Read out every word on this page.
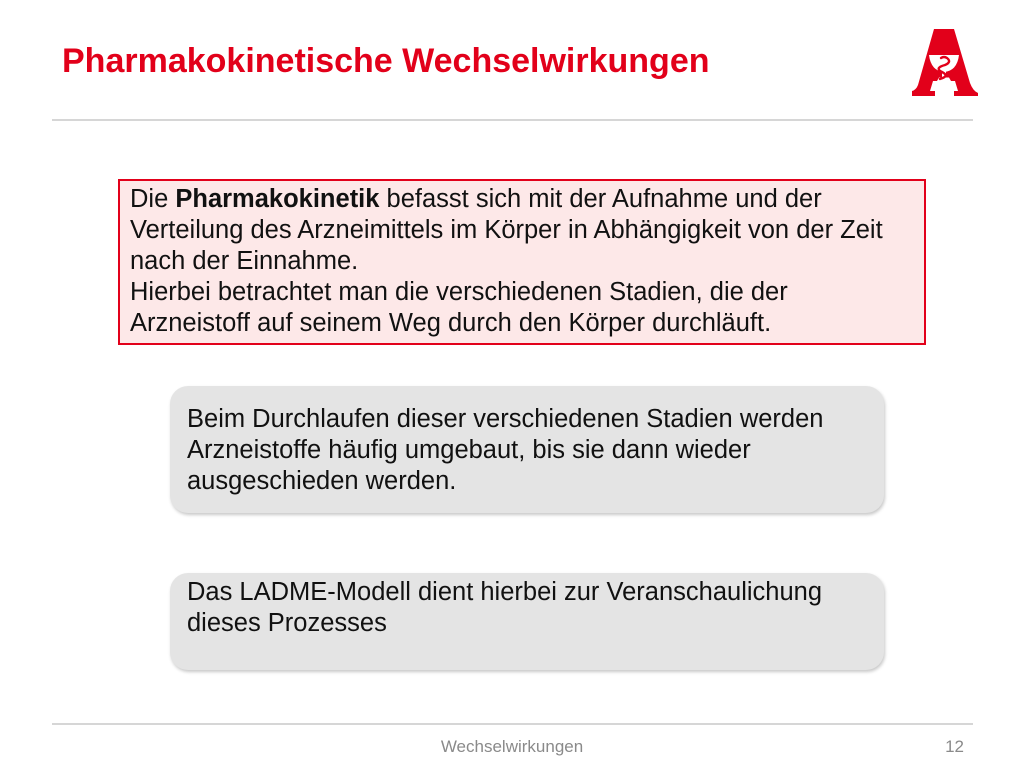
Pharmakokinetische Wechselwirkungen
Die Pharmakokinetik befasst sich mit der Aufnahme und der
Verteilung des Arzneimittels im Körper in Abhängigkeit von der Zeit
nach der Einnahme.
Hierbei betrachtet man die verschiedenen Stadien, die der
Arzneistoff auf seinem Weg durch den Körper durchläuft.
Beim Durchlaufen dieser verschiedenen Stadien werden
Arzneistoffe häufig umgebaut, bis sie dann wieder
ausgeschieden werden.
Das LADME-Modell dient hierbei zur Veranschaulichung
dieses Prozesses
Wechselwirkungen	12
